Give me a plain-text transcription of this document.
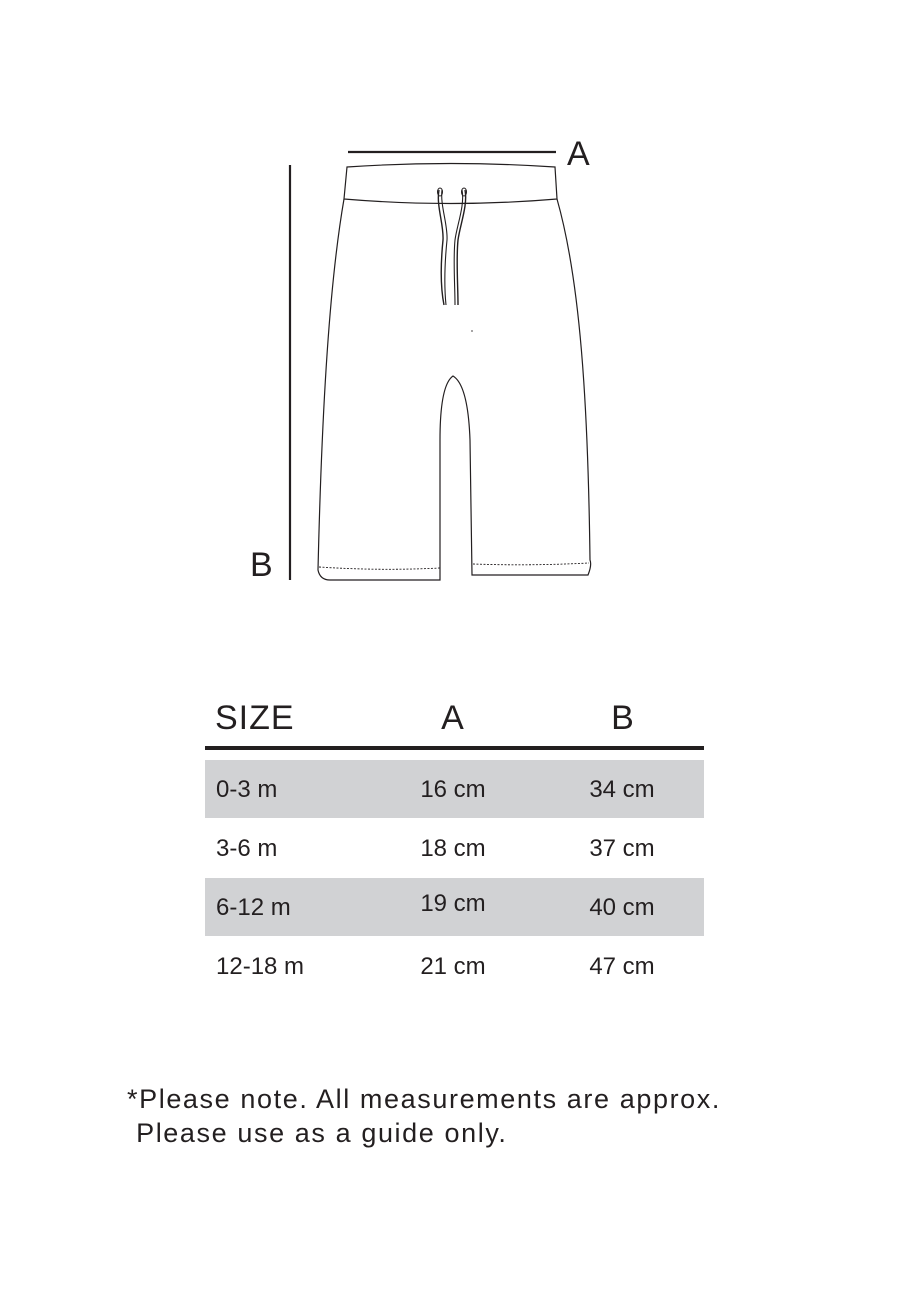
A
B
SIZE	A	B
0-3 m	16 cm	34 cm
3-6 m	18 cm	37 cm
6-12 m	19 cm	40 cm
12-18 m	21 cm	47 cm
*Please note. All measurements are approx.
Please use as a guide only.
